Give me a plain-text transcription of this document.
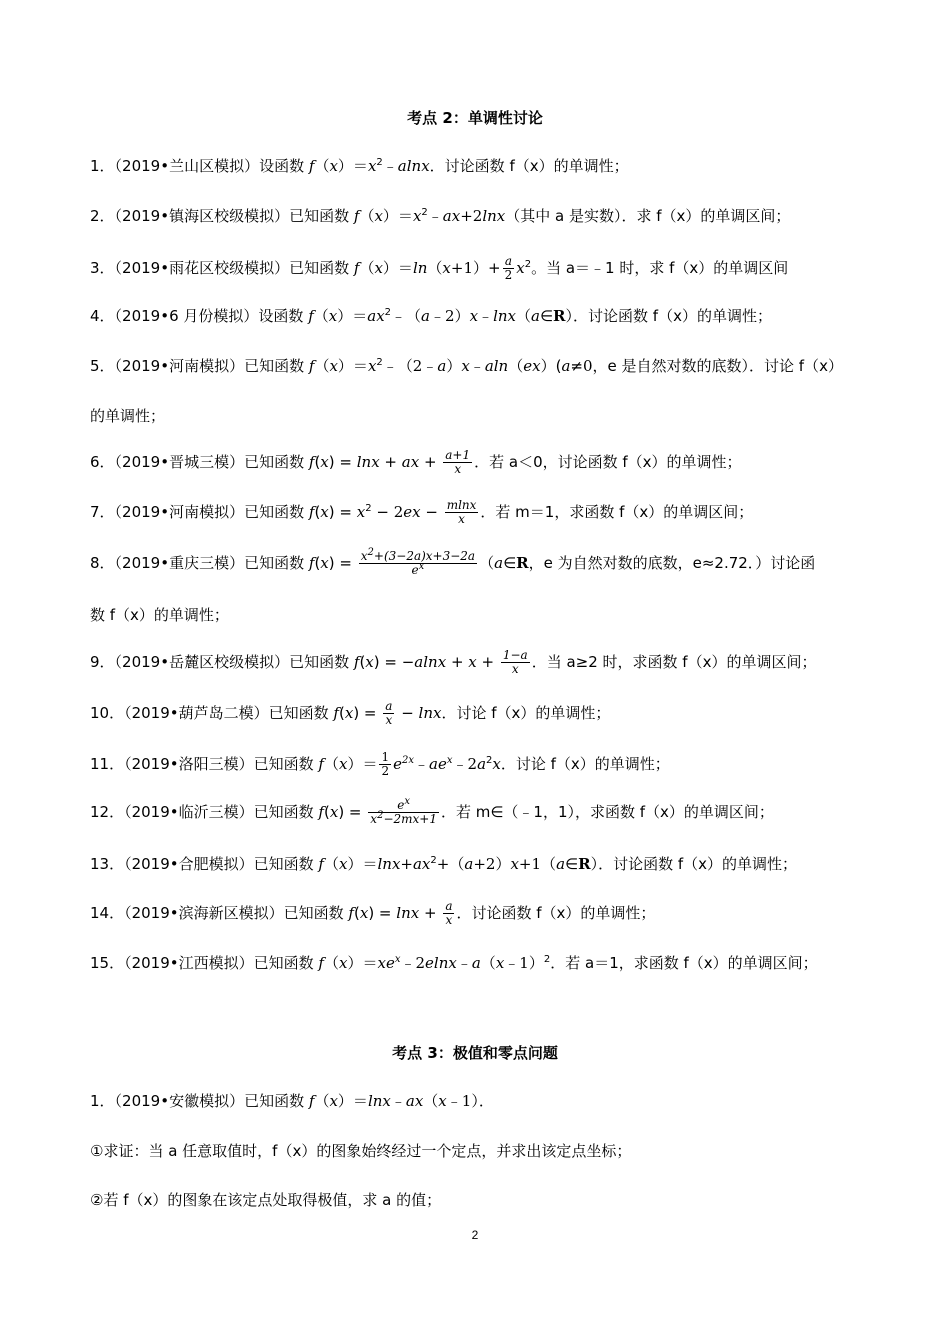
考点 2：单调性讨论
1．（2019•兰山区模拟）设函数 $f(x)=x^2﹣alnx$．讨论函数 f（x）的单调性；
2．（2019•镇海区校级模拟）已知函数 $f(x)=x^2﹣ax+2\ln x$（其中 a 是实数）．求 f（x）的单调区间；
3．（2019•雨花区校级模拟）已知函数 $f(x)=\ln(x+1)+ \frac{a}{2} x^2$。当 a＝﹣1 时，求 f（x）的单调区间
4．（2019•6 月份模拟）设函数 $f(x)=ax^2﹣(a﹣2)x﹣\ln x(a\in R)$．讨论函数 f（x）的单调性；
5．（2019•河南模拟）已知函数 $f(x)=x^2﹣(2﹣a)x﹣aln(ex)(a\ne 0$，e 是自然对数的底数）．讨论 f（x）
的单调性；
6．（2019•晋城三模）已知函数 f(x) = lnx + ax + $\frac{a+1}{x}$ ．若 a＜0，讨论函数 f（x）的单调性；
7．（2019•河南模拟）已知函数 $f(x) = x^2 - 2ex - \frac{mlnx}{x}$ ．若 m＝1，求函数 f（x）的单调区间；
8．（2019•重庆三模）已知函数 $f(x) = \frac{x^2+(3-2a)x+3-2a}{e^x}$ （a∈R，e 为自然对数的底数，e≈2.72．）讨论函
数 f（x）的单调性；
9．（2019•岳麓区校级模拟）已知函数 $f(x) = -alnx + x + \frac{1-a}{x}$ ．当 a≥2 时，求函数 f（x）的单调区间；
10．（2019•葫芦岛二模）已知函数 $f(x) = \frac{a}{x} - \ln x$．讨论 f（x）的单调性；
11．（2019•洛阳三模）已知函数 $f(x)= \frac{1}{2}$ $e^{2x}﹣ae^x﹣2a^2x$．讨论 f（x）的单调性；
12．（2019•临沂三模）已知函数 $f(x) = \frac{e^x}{x^2-2mx+1}$ ．若 m∈（﹣1，1），求函数 f（x）的单调区间；
13．（2019•合肥模拟）已知函数 $f(x)=\ln x+ax^2+(a+2)x+1(a\in R)$．讨论函数 f（x）的单调性；
14．（2019•滨海新区模拟）已知函数 $f(x) = \ln x + \frac{a}{x}$ ．讨论函数 f（x）的单调性；
15．（2019•江西模拟）已知函数 $f(x)=xe^x﹣2elnx﹣a(x﹣1)^2$．若 a＝1，求函数 f（x）的单调区间；
考点 3：极值和零点问题
1．（2019•安徽模拟）已知函数 f（x）＝lnx﹣ax（x﹣1）．
①求证：当 a 任意取值时，f（x）的图象始终经过一个定点，并求出该定点坐标；
②若 f（x）的图象在该定点处取得极值，求 a 的值；
2
